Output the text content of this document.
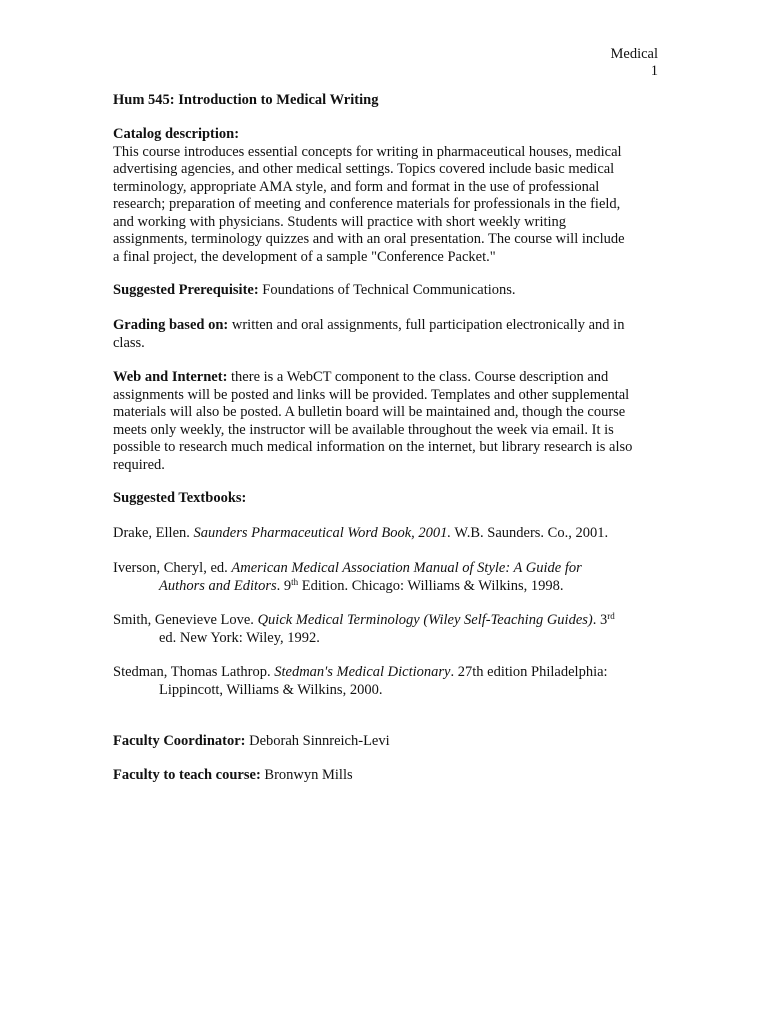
Medical
1
Hum 545: Introduction to Medical Writing
Catalog description:
This course introduces essential concepts for writing in pharmaceutical houses, medical
advertising agencies, and other medical settings. Topics covered include basic medical
terminology, appropriate AMA style, and form and format in the use of professional
research; preparation of meeting and conference materials for professionals in the field,
and working with physicians. Students will practice with short weekly writing
assignments, terminology quizzes and with an oral presentation. The course will include
a final project, the development of a sample "Conference Packet."
Suggested Prerequisite: Foundations of Technical Communications.
Grading based on: written and oral assignments, full participation electronically and in
class.
Web and Internet: there is a WebCT component to the class. Course description and
assignments will be posted and links will be provided. Templates and other supplemental
materials will also be posted. A bulletin board will be maintained and, though the course
meets only weekly, the instructor will be available throughout the week via email. It is
possible to research much medical information on the internet, but library research is also
required.
Suggested Textbooks:
Drake, Ellen. Saunders Pharmaceutical Word Book, 2001. W.B. Saunders. Co., 2001.
Iverson, Cheryl, ed. American Medical Association Manual of Style: A Guide for
Authors and Editors. 9th Edition. Chicago: Williams & Wilkins, 1998.
Smith, Genevieve Love. Quick Medical Terminology (Wiley Self-Teaching Guides). 3rd
ed. New York: Wiley, 1992.
Stedman, Thomas Lathrop. Stedman's Medical Dictionary. 27th edition Philadelphia:
Lippincott, Williams & Wilkins, 2000.
Faculty Coordinator: Deborah Sinnreich-Levi
Faculty to teach course: Bronwyn Mills
